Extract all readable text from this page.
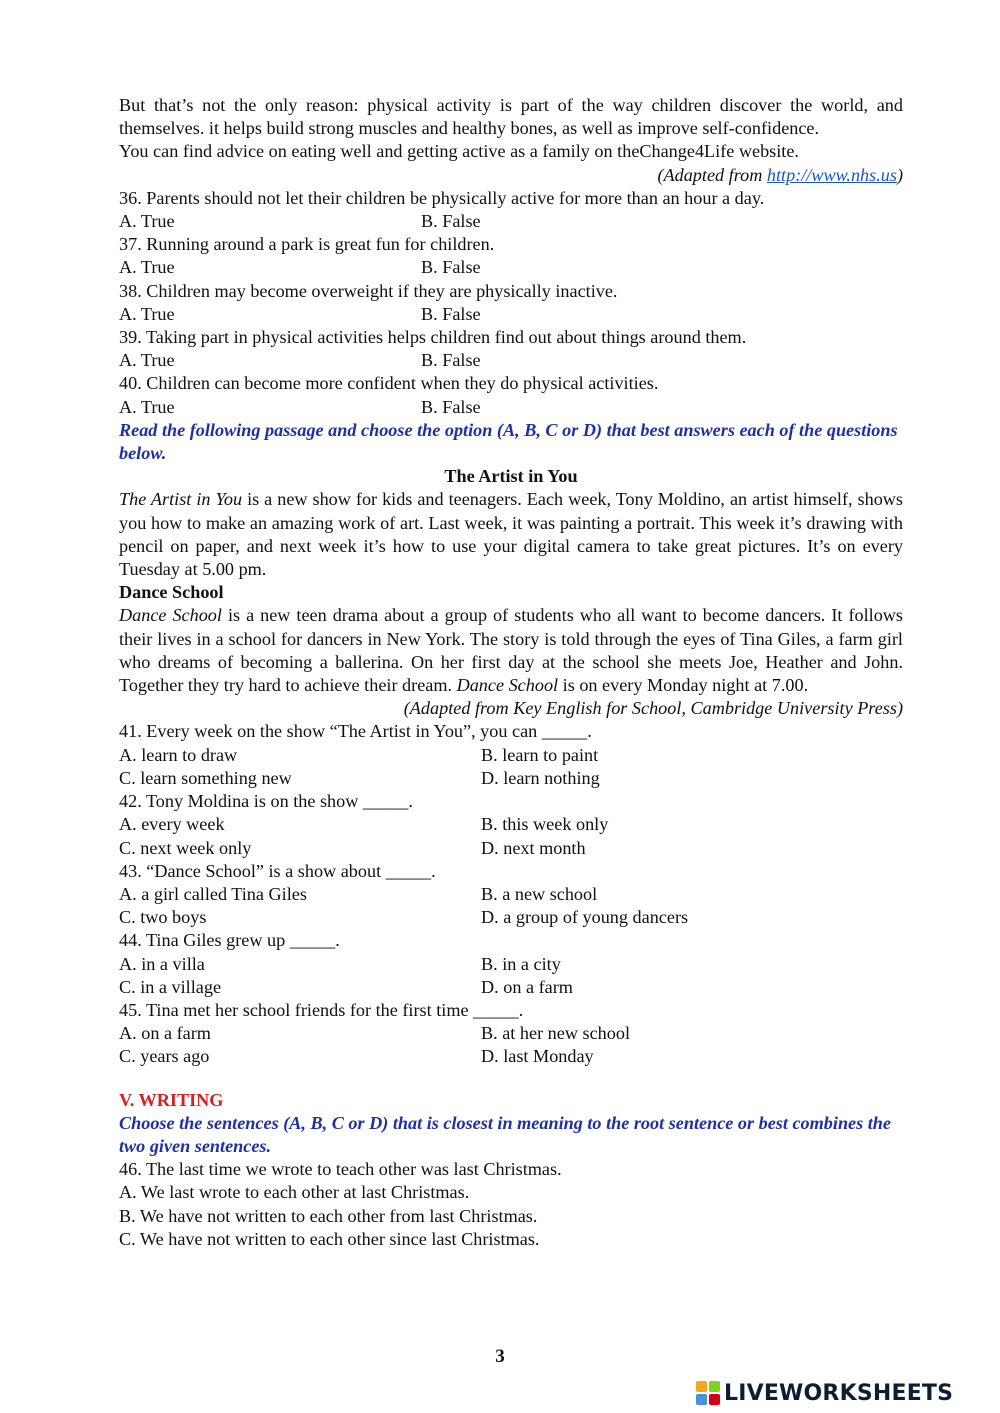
But that’s not the only reason: physical activity is part of the way children discover the world, and themselves. it helps build strong muscles and healthy bones, as well as improve self-confidence.

You can find advice on eating well and getting active as a family on theChange4Life website.

(Adapted from http://www.nhs.us)

36. Parents should not let their children be physically active for more than an hour a day.

A. True	B. False

37. Running around a park is great fun for children.

A. True	B. False

38. Children may become overweight if they are physically inactive.

A. True	B. False

39. Taking part in physical activities helps children find out about things around them.

A. True	B. False

40. Children can become more confident when they do physical activities.

A. True	B. False

Read the following passage and choose the option (A, B, C or D) that best answers each of the questions below.

The Artist in You

The Artist in You is a new show for kids and teenagers. Each week, Tony Moldino, an artist himself, shows you how to make an amazing work of art. Last week, it was painting a portrait. This week it’s drawing with pencil on paper, and next week it’s how to use your digital camera to take great pictures. It’s on every Tuesday at 5.00 pm.

Dance School

Dance School is a new teen drama about a group of students who all want to become dancers. It follows their lives in a school for dancers in New York. The story is told through the eyes of Tina Giles, a farm girl who dreams of becoming a ballerina. On her first day at the school she meets Joe, Heather and John. Together they try hard to achieve their dream. Dance School is on every Monday night at 7.00.

(Adapted from Key English for School, Cambridge University Press)

41. Every week on the show “The Artist in You”, you can _____.

A. learn to draw	B. learn to paint
C. learn something new	D. learn nothing

42. Tony Moldina is on the show _____.

A. every week	B. this week only
C. next week only	D. next month

43. “Dance School” is a show about _____.

A. a girl called Tina Giles	B. a new school
C. two boys	D. a group of young dancers

44. Tina Giles grew up _____.

A. in a villa	B. in a city
C. in a village	D. on a farm

45. Tina met her school friends for the first time _____.

A. on a farm	B. at her new school
C. years ago	D. last Monday

V. WRITING

Choose the sentences (A, B, C or D) that is closest in meaning to the root sentence or best combines the two given sentences.

46. The last time we wrote to teach other was last Christmas.

A. We last wrote to each other at last Christmas.

B. We have not written to each other from last Christmas.

C. We have not written to each other since last Christmas.

3
LIVEWORKSHEETS
